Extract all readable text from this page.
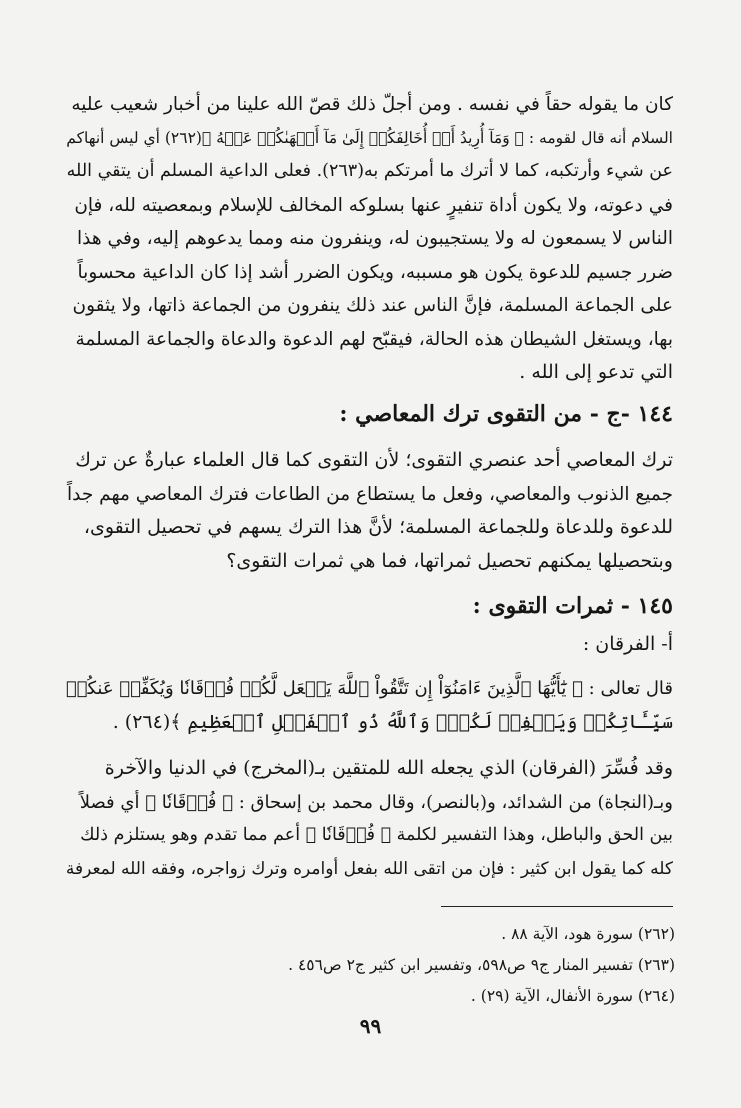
كان ما يقوله حقاً في نفسه . ومن أجلّ ذلك قصّ الله علينا من أخبار شعيب عليه
السلام أنه قال لقومه : ﴿ وَمَآ أُرِيدُ أَنۡ أُخَالِفَكُمۡ إِلَىٰ مَآ أَنۡهَىٰكُمۡ عَنۡهُ ﴾(٢٦٢) أي ليس أنهاكم
عن شيء وأرتكبه، كما لا أترك ما أمرتكم به(٢٦٣). فعلى الداعية المسلم أن يتقي الله
في دعوته، ولا يكون أداة تنفيرٍ عنها بسلوكه المخالف للإسلام وبمعصيته لله، فإن
الناس لا يسمعون له ولا يستجيبون له، وينفرون منه ومما يدعوهم إليه، وفي هذا
ضرر جسيم للدعوة يكون هو مسببه، ويكون الضرر أشد إذا كان الداعية محسوباً
على الجماعة المسلمة، فإنَّ الناس عند ذلك ينفرون من الجماعة ذاتها، ولا يثقون
بها، ويستغل الشيطان هذه الحالة، فيقبّح لهم الدعوة والدعاة والجماعة المسلمة
التي تدعو إلى الله .
١٤٤ -ج - من التقوى ترك المعاصي :
ترك المعاصي أحد عنصري التقوى؛ لأن التقوى كما قال العلماء عبارةٌ عن ترك
جميع الذنوب والمعاصي، وفعل ما يستطاع من الطاعات فترك المعاصي مهم جداً
للدعوة وللدعاة وللجماعة المسلمة؛ لأنَّ هذا الترك يسهم في تحصيل التقوى،
وبتحصيلها يمكنهم تحصيل ثمراتها، فما هي ثمرات التقوى؟
١٤٥ - ثمرات التقوى :
أ- الفرقان :
قال تعالى : ﴿ يَٰٓأَيُّهَا ٱلَّذِينَ ءَامَنُوٓاْ إِن تَتَّقُواْ ٱللَّهَ يَجۡعَل لَّكُمۡ فُرۡقَانٗا وَيُكَفِّرۡ عَنكُمۡ
سَيِّـَٔاتِكُمۡ وَيَغۡفِرۡ لَكُمۡۗ وَٱللَّهُ ذُو ٱلۡفَضۡلِ ٱلۡعَظِيمِ ﴾(٢٦٤) .
وقد فُسِّرَ (الفرقان) الذي يجعله الله للمتقين بـ(المخرج) في الدنيا والآخرة
وبـ(النجاة) من الشدائد، و(بالنصر)، وقال محمد بن إسحاق : ﴿ فُرۡقَانٗا ﴾ أي فصلاً
بين الحق والباطل، وهذا التفسير لكلمة ﴿ فُرۡقَانٗا ﴾ أعم مما تقدم وهو يستلزم ذلك
كله كما يقول ابن كثير : فإن من اتقى الله بفعل أوامره وترك زواجره، وفقه الله لمعرفة
(٢٦٢) سورة هود، الآية ٨٨ .
(٢٦٣) تفسير المنار ج٩ ص٥٩٨، وتفسير ابن كثير ج٢ ص٤٥٦ .
(٢٦٤) سورة الأنفال، الآية (٢٩) .
٩٩
